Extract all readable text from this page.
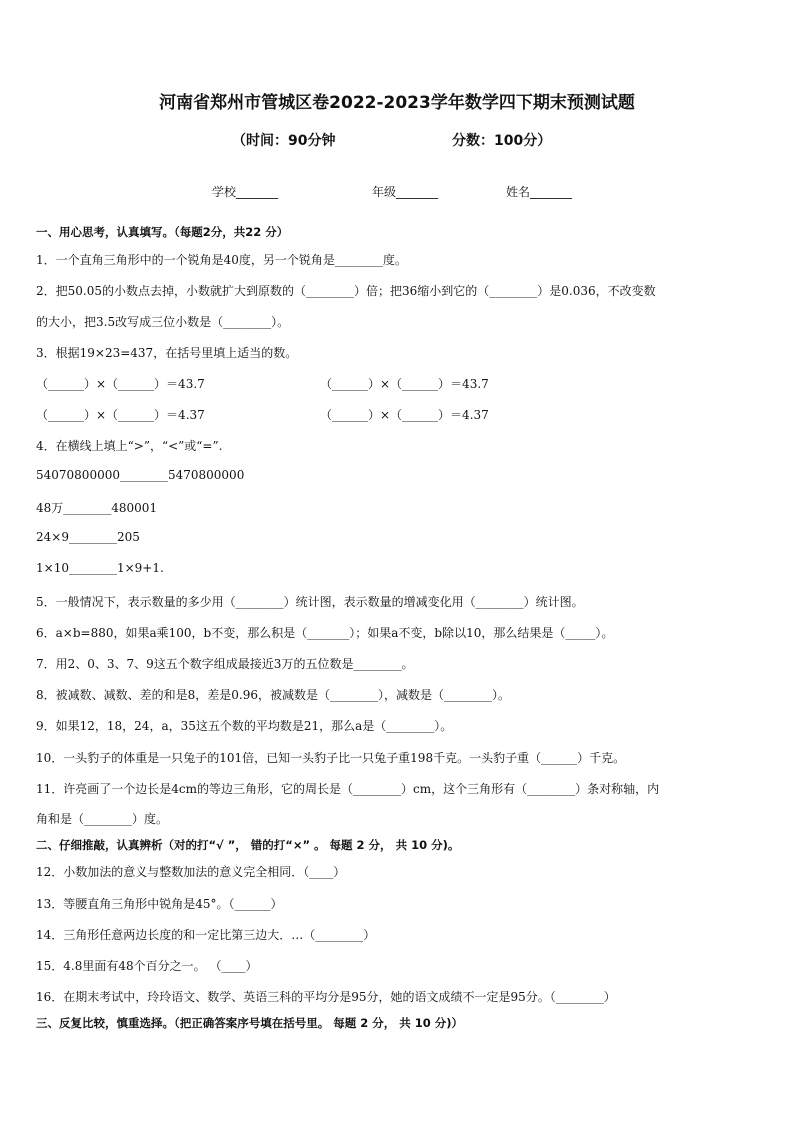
河南省郑州市管城区卷2022-2023学年数学四下期末预测试题
（时间：90分钟	分数：100分）
学校_______	年级_______	姓名_______
一、用心思考，认真填写。（每题2分，共22 分）
1．一个直角三角形中的一个锐角是40度，另一个锐角是________度。
2．把50.05的小数点去掉，小数就扩大到原数的（________）倍；把36缩小到它的（________）是0.036，不改变数
的大小，把3.5改写成三位小数是（________）。
3．根据19×23=437，在括号里填上适当的数。
（______）×（______）＝43.7	（______）×（______）＝43.7
（______）×（______）＝4.37	（______）×（______）＝4.37
4．在横线上填上“>”，“<”或“=”.
54070800000________5470800000
48万________480001
24×9________205
1×10________1×9+1.
5．一般情况下，表示数量的多少用（________）统计图，表示数量的增减变化用（________）统计图。
6．a×b=880，如果a乘100，b不变，那么积是（_______）；如果a不变，b除以10，那么结果是（_____）。
7．用2、0、3、7、9这五个数字组成最接近3万的五位数是________。
8．被减数、减数、差的和是8，差是0.96，被减数是（________），减数是（________）。
9．如果12，18，24，a，35这五个数的平均数是21，那么a是（________）。
10．一头豹子的体重是一只兔子的101倍，已知一头豹子比一只兔子重198千克。一头豹子重（______）千克。
11．许亮画了一个边长是4cm的等边三角形，它的周长是（________）cm，这个三角形有（________）条对称轴，内
角和是（________）度。
二、仔细推敲，认真辨析（对的打“√ ”， 错的打“×” 。 每题 2 分， 共 10 分)。
12．小数加法的意义与整数加法的意义完全相同．（____）
13．等腰直角三角形中锐角是45°。（______）
14．三角形任意两边长度的和一定比第三边大．…（________）
15．4.8里面有48个百分之一。 （____）
16．在期末考试中，玲玲语文、数学、英语三科的平均分是95分，她的语文成绩不一定是95分。（________）
三、反复比较，慎重选择。（把正确答案序号填在括号里。 每题 2 分， 共 10 分)）
